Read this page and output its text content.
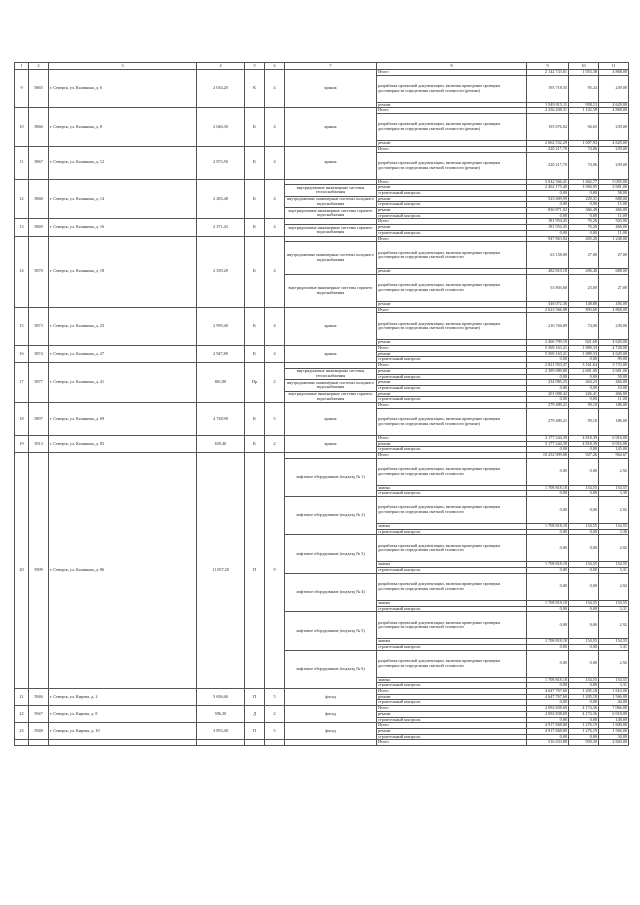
1	2	3	4	5	6	7	8	9	10	11
9	5865	г. Северск, ул. Калинина, д. 6	2 034,20	К	4	крыша	Итого	2 142 733,61	1 053,38	4 868,00
							разработка проектной документации, включая проведение проверки достоверности определения сметной стоимости (ремонт)	193 718,55	95,24	239,00
							ремонт	1 949 015,11	958,13	4 629,00
10	5866	г. Северск, ул. Калинина, д. 8	2 046,30	К	4	крыша	Итого	2 256 208,31	1 102,58	4 868,00
							разработка проектной документации, включая проведение проверки достоверности определения сметной стоимости (ремонт)	193 676,02	94,65	239,00
							ремонт	2 062 532,29	1 007,93	4 629,00
11	5867	г. Северск, ул. Калинина, д. 12	2 973,50	К	4	крыша	Итого	220 217,70	74,06	239,00
							разработка проектной документации, включая проведение проверки достоверности определения сметной стоимости (ремонт)	220 217,70	74,06	239,00
12	5868	г. Северск, ул. Калинина, д. 14	2 283,48	К	4		Итого	3 042 566,41	1 462,77	5 059,00
						внутридомовые инженерные системы теплоснабжения	ремонт	2 462 175,40	1 084,95	2 681,00
							строительный контроль	0,00	0,00	58,00
						внутридомовые инженерные системы холодного водоснабжения	ремонт	523 609,99	229,31	688,00
							строительный контроль	0,00	0,00	15,00
						внутридомовые инженерные системы горячего водоснабжения	ремонт	836 871,02	366,49	466,00
							строительный контроль	0,00	0,00	11,00
13	5869	г. Северск, ул. Калинина, д. 16	2 371,43	К	4		Итого	181 954,45	76,26	503,00
						внутридомовые инженерные системы горячего водоснабжения	ремонт	181 954,45	76,26	466,00
							строительный контроль	0,00	0,00	11,00
14	5870	г. Северск, ул. Калинина, д. 18	2 339,20	К	4		Итого	947 863,84	405,20	1 248,00
						внутридомовые инженерные системы холодного водоснабжения	разработка проектной документации, включая проведение проверки достоверности определения сметной стоимости	63 158,00	27,00	27,00
							ремонт	482 810,18	206,40	688,00
						внутридомовые инженерные системы горячего водоснабжения	разработка проектной документации, включая проведение проверки достоверности определения сметной стоимости	53 803,60	23,00	27,00
							ремонт	348 072,36	148,80	456,00
15	5873	г. Северск, ул. Калинина, д. 23	2 959,40	К	4	крыша	Итого	2 623 566,08	893,60	4 868,00
							разработка проектной документации, включая проведение проверки достоверности определения сметной стоимости (ремонт)	216 766,89	74,00	239,00
							ремонт	2 406 799,19	821,60	4 629,00
16	5874	г. Северск, ул. Калинина, д. 27	2 947,80	К	4	крыша	Итого	5 569 163,21	1 889,33	4 728,00
							ремонт	5 569 163,21	1 889,33	4 629,00
							строительный контроль	0,00	0,00	99,00
17	5877	г. Северск, ул. Калинина, д. 41	861,80	Пр	2		Итого	2 821 953,47	3 161,64	3 733,00
						внутридомовые инженерные системы теплоснабжения	ремонт	2 389 089,80	2 681,00	2 681,00
							строительный контроль	0,00	0,00	50,00
						внутридомовые инженерные системы холодного водоснабжения	ремонт	234 985,25	264,23	466,00
							строительный контроль	0,00	0,00	10,00
						внутридомовые инженерные системы горячего водоснабжения	ремонт	201 008,42	226,41	466,00
							строительный контроль	0,00	0,00	11,00
18	5897	г. Северск, ул. Калинина, д. 69	4 728,90	К	5	крыша	Итого	279 489,21	59,10	186,00
							разработка проектной документации, включая проведение проверки достоверности определения сметной стоимости (ремонт)	279 489,21	59,10	186,00
19	5913	г. Северск, ул. Калинина, д. 83	659,40	К	2	крыша	Итого	3 177 244,39	4 818,39	6 916,00
							ремонт	3 177 244,39	4 818,39	6 916,00
							строительный контроль	0,00	0,00	145,00
20	5909	г. Северск, ул. Калинина, д. 86	11 057,20	П	9		Итого	10 252 909,08	927,26	964,67
						лифтовое оборудование (подъезд № 1)	разработка проектной документации, включая проведение проверки достоверности определения сметной стоимости	0,00	0,00	2,92
							замена	1 708 818,18	154,55	154,55
							строительный контроль	0,00	0,00	3,30
						лифтовое оборудование (подъезд № 2)	разработка проектной документации, включая проведение проверки достоверности определения сметной стоимости	0,00	0,00	2,92
							замена	1 708 818,18	154,55	154,55
							строительный контроль	0,00	0,00	3,30
						лифтовое оборудование (подъезд № 3)	разработка проектной документации, включая проведение проверки достоверности определения сметной стоимости	0,00	0,00	2,92
							замена	1 708 818,18	154,55	154,55
							строительный контроль	0,00	0,00	3,31
						лифтовое оборудование (подъезд № 4)	разработка проектной документации, включая проведение проверки достоверности определения сметной стоимости	0,00	0,00	2,92
							замена	1 708 818,18	154,55	154,55
							строительный контроль	0,00	0,00	3,31
						лифтовое оборудование (подъезд № 5)	разработка проектной документации, включая проведение проверки достоверности определения сметной стоимости	0,00	0,00	2,92
							замена	1 708 818,18	154,55	154,55
							строительный контроль	0,00	0,00	3,31
						лифтовое оборудование (подъезд № 6)	разработка проектной документации, включая проведение проверки достоверности определения сметной стоимости	0,00	0,00	2,92
							замена	1 708 818,18	154,55	154,55
							строительный контроль	0,00	0,00	3,31
21	5946	г. Северск, ул. Кирова, д. 2	3 656,60	П	5	фасад	Итого	4 647 767,60	1 205,18	1 610,00
							ремонт	4 647 767,60	1 205,18	1 566,00
							строительный контроль	0,00	0,00	44,00
22	5947	г. Северск, ул. Кирова, д. 8	596,30	Д	2	фасад	Итого	2 092 838,69	4 174,36	7 066,00
							ремонт	2 092 838,69	4 174,36	6 918,00
							строительный контроль	0,00	0,00	148,00
23	5948	г. Северск, ул. Кирова, д. 10	3 853,40	П	5	фасад	Итого	4 917 668,80	1 276,19	1 600,00
							ремонт	4 917 668,80	1 276,19	1 566,00
							строительный контроль	0,00	0,00	34,00
							Итого	516 433,88	939,30	2 820,00
